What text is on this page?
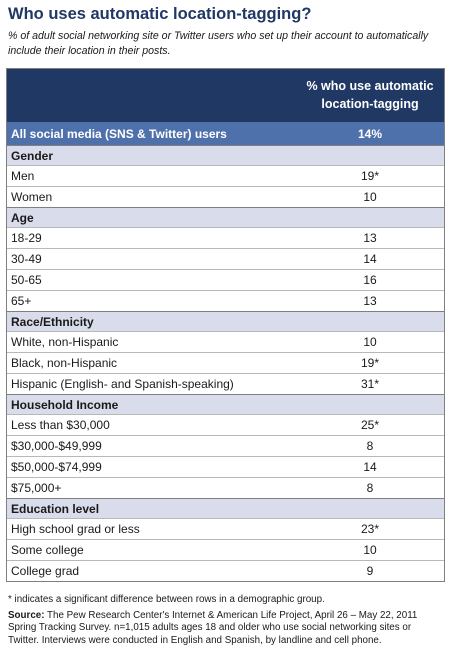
Who uses automatic location-tagging?
% of adult social networking site or Twitter users who set up their account to automatically include their location in their posts.
% who use automatic location-tagging
All social media (SNS & Twitter) users	14%
Gender
Men	19*
Women	10
Age
18-29	13
30-49	14
50-65	16
65+	13
Race/Ethnicity
White, non-Hispanic	10
Black, non-Hispanic	19*
Hispanic (English- and Spanish-speaking)	31*
Household Income
Less than $30,000	25*
$30,000-$49,999	8
$50,000-$74,999	14
$75,000+	8
Education level
High school grad or less	23*
Some college	10
College grad	9

* indicates a significant difference between rows in a demographic group.

Source: The Pew Research Center's Internet & American Life Project, April 26 – May 22, 2011 Spring Tracking Survey. n=1,015 adults ages 18 and older who use social networking sites or Twitter. Interviews were conducted in English and Spanish, by landline and cell phone.
